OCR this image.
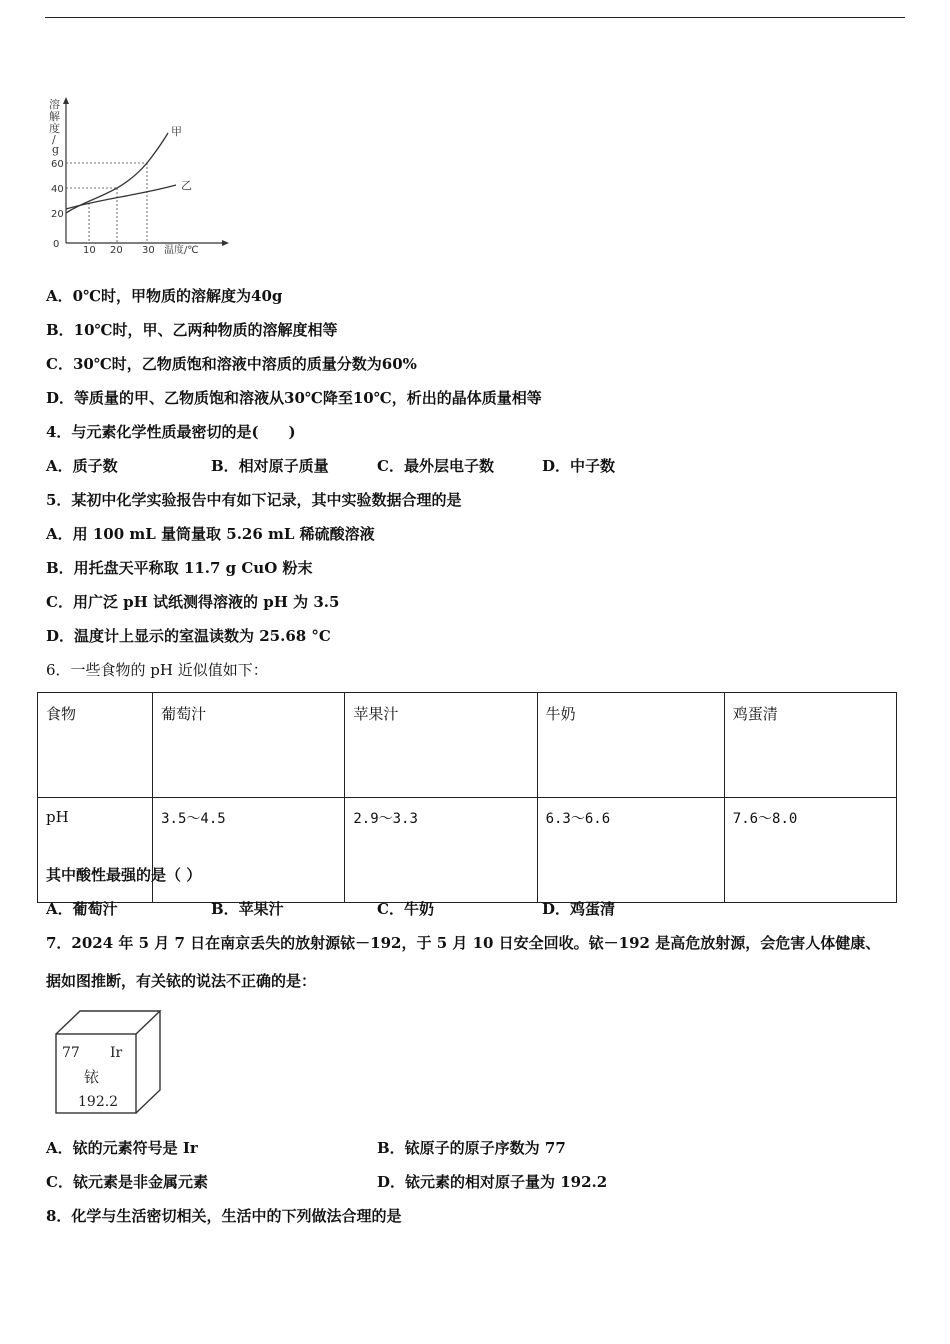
溶
解
度
/
g
0
20
40
60
10 20 30 温度/℃
甲
乙
A．0℃时，甲物质的溶解度为40g
B．10℃时，甲、乙两种物质的溶解度相等
C．30℃时，乙物质饱和溶液中溶质的质量分数为60%
D．等质量的甲、乙物质饱和溶液从30℃降至10℃，析出的晶体质量相等
4．与元素化学性质最密切的是(　　)
A．质子数	B．相对原子质量	C．最外层电子数	D．中子数
5．某初中化学实验报告中有如下记录，其中实验数据合理的是
A．用 100 mL 量筒量取 5.26 mL 稀硫酸溶液
B．用托盘天平称取 11.7 g CuO 粉末
C．用广泛 pH 试纸测得溶液的 pH 为 3.5
D．温度计上显示的室温读数为 25.68 °C
6．一些食物的 pH 近似值如下：
食物	葡萄汁	苹果汁	牛奶	鸡蛋清
pH	3.5～4.5	2.9～3.3	6.3～6.6	7.6～8.0
其中酸性最强的是（ ）
A．葡萄汁	B．苹果汁	C．牛奶	D．鸡蛋清
7．2024 年 5 月 7 日在南京丢失的放射源铱－192，于 5 月 10 日安全回收。铱－192 是高危放射源，会危害人体健康、
据如图推断，有关铱的说法不正确的是：
77 Ir
铱
192.2
A．铱的元素符号是 Ir	B．铱原子的原子序数为 77
C．铱元素是非金属元素	D．铱元素的相对原子量为 192.2
8．化学与生活密切相关，生活中的下列做法合理的是
